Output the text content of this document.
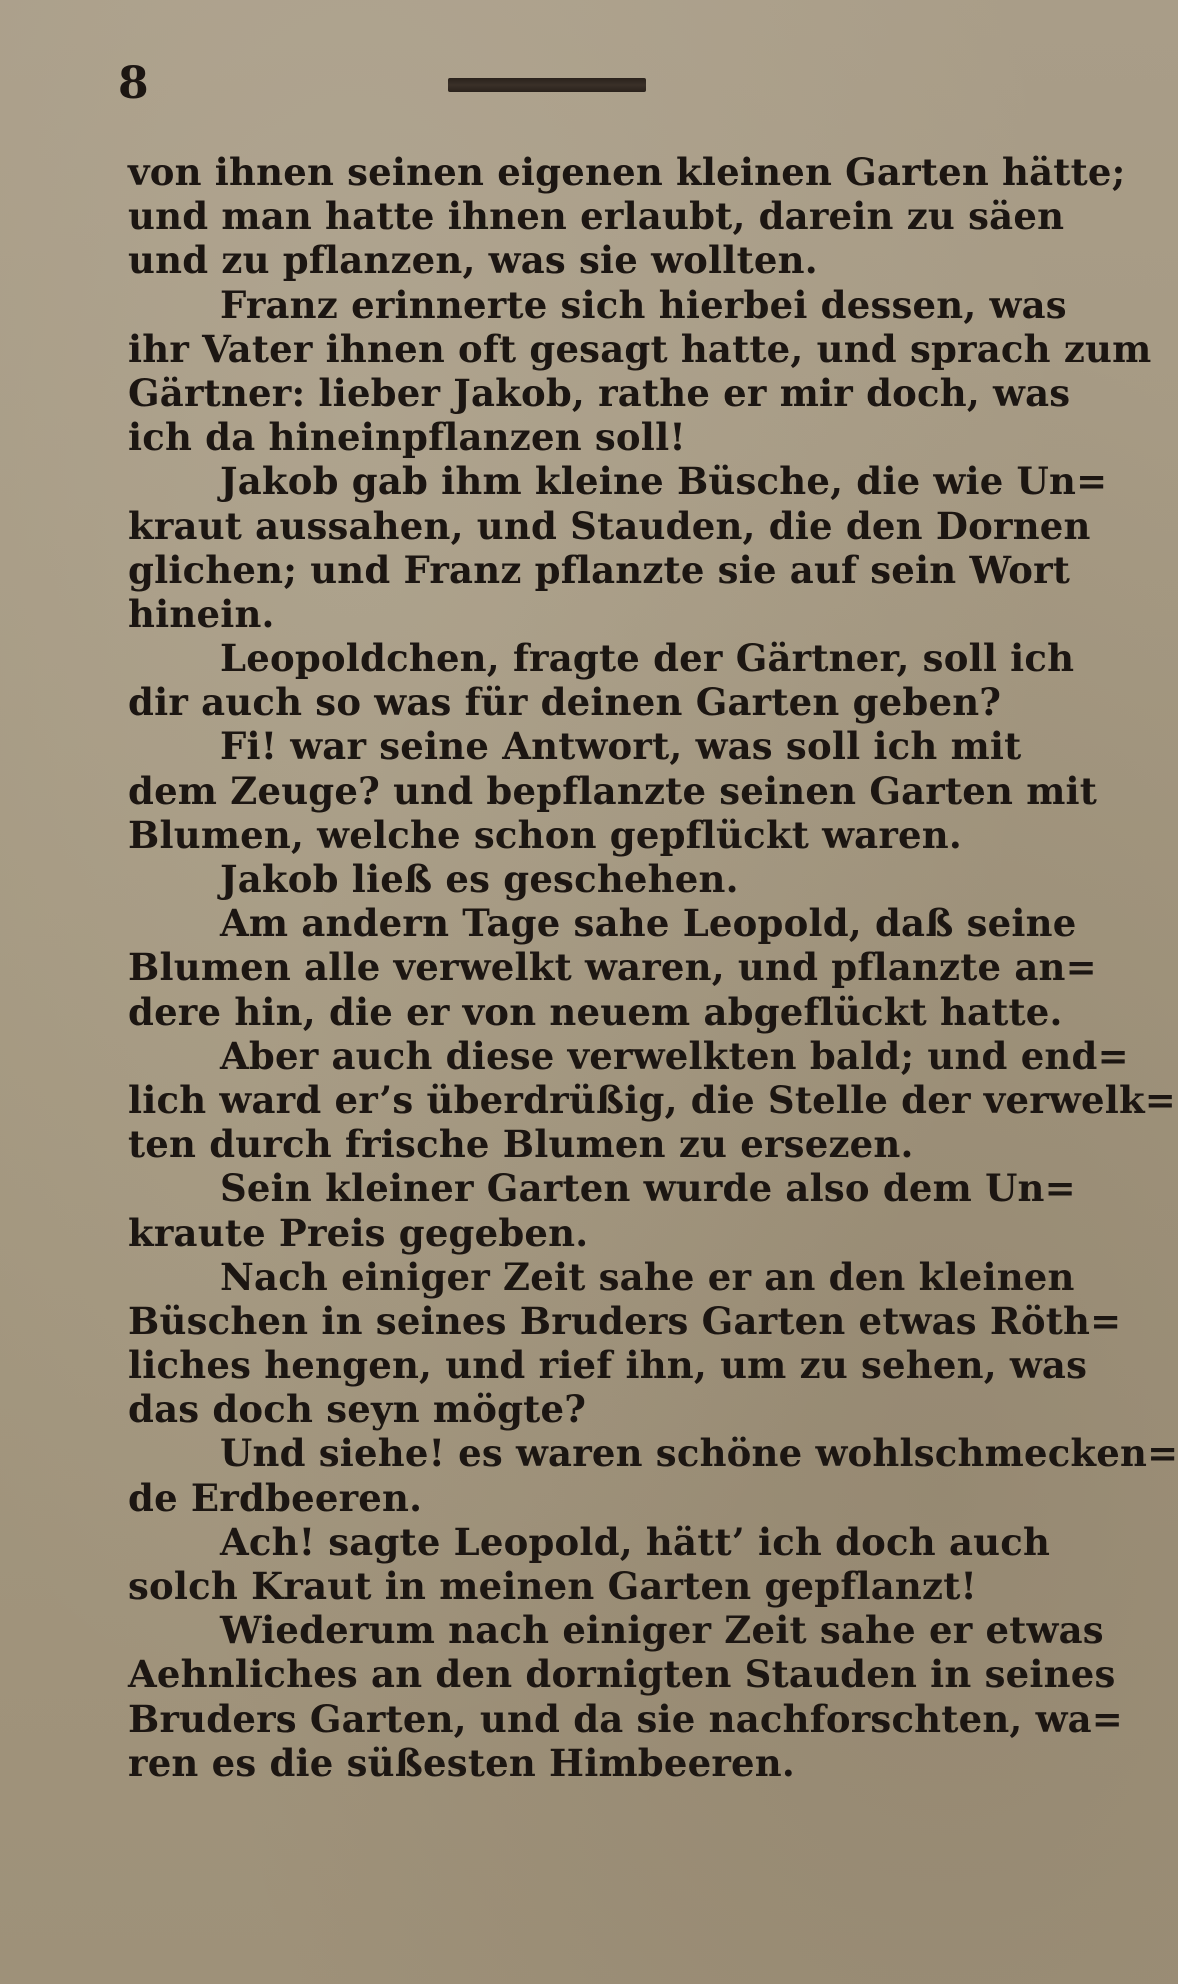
8
von ihnen seinen eigenen kleinen Garten hätte;
und man hatte ihnen erlaubt, darein zu säen
und zu pflanzen, was sie wollten.
Franz erinnerte sich hierbei dessen, was
ihr Vater ihnen oft gesagt hatte, und sprach zum
Gärtner: lieber Jakob, rathe er mir doch, was
ich da hineinpflanzen soll!
Jakob gab ihm kleine Büsche, die wie Un=
kraut aussahen, und Stauden, die den Dornen
glichen; und Franz pflanzte sie auf sein Wort
hinein.
Leopoldchen, fragte der Gärtner, soll ich
dir auch so was für deinen Garten geben?
Fi! war seine Antwort, was soll ich mit
dem Zeuge? und bepflanzte seinen Garten mit
Blumen, welche schon gepflückt waren.
Jakob ließ es geschehen.
Am andern Tage sahe Leopold, daß seine
Blumen alle verwelkt waren, und pflanzte an=
dere hin, die er von neuem abgeflückt hatte.
Aber auch diese verwelkten bald; und end=
lich ward er’s überdrüßig, die Stelle der verwelk=
ten durch frische Blumen zu ersezen.
Sein kleiner Garten wurde also dem Un=
kraute Preis gegeben.
Nach einiger Zeit sahe er an den kleinen
Büschen in seines Bruders Garten etwas Röth=
liches hengen, und rief ihn, um zu sehen, was
das doch seyn mögte?
Und siehe! es waren schöne wohlschmecken=
de Erdbeeren.
Ach! sagte Leopold, hätt’ ich doch auch
solch Kraut in meinen Garten gepflanzt!
Wiederum nach einiger Zeit sahe er etwas
Aehnliches an den dornigten Stauden in seines
Bruders Garten, und da sie nachforschten, wa=
ren es die süßesten Himbeeren.
